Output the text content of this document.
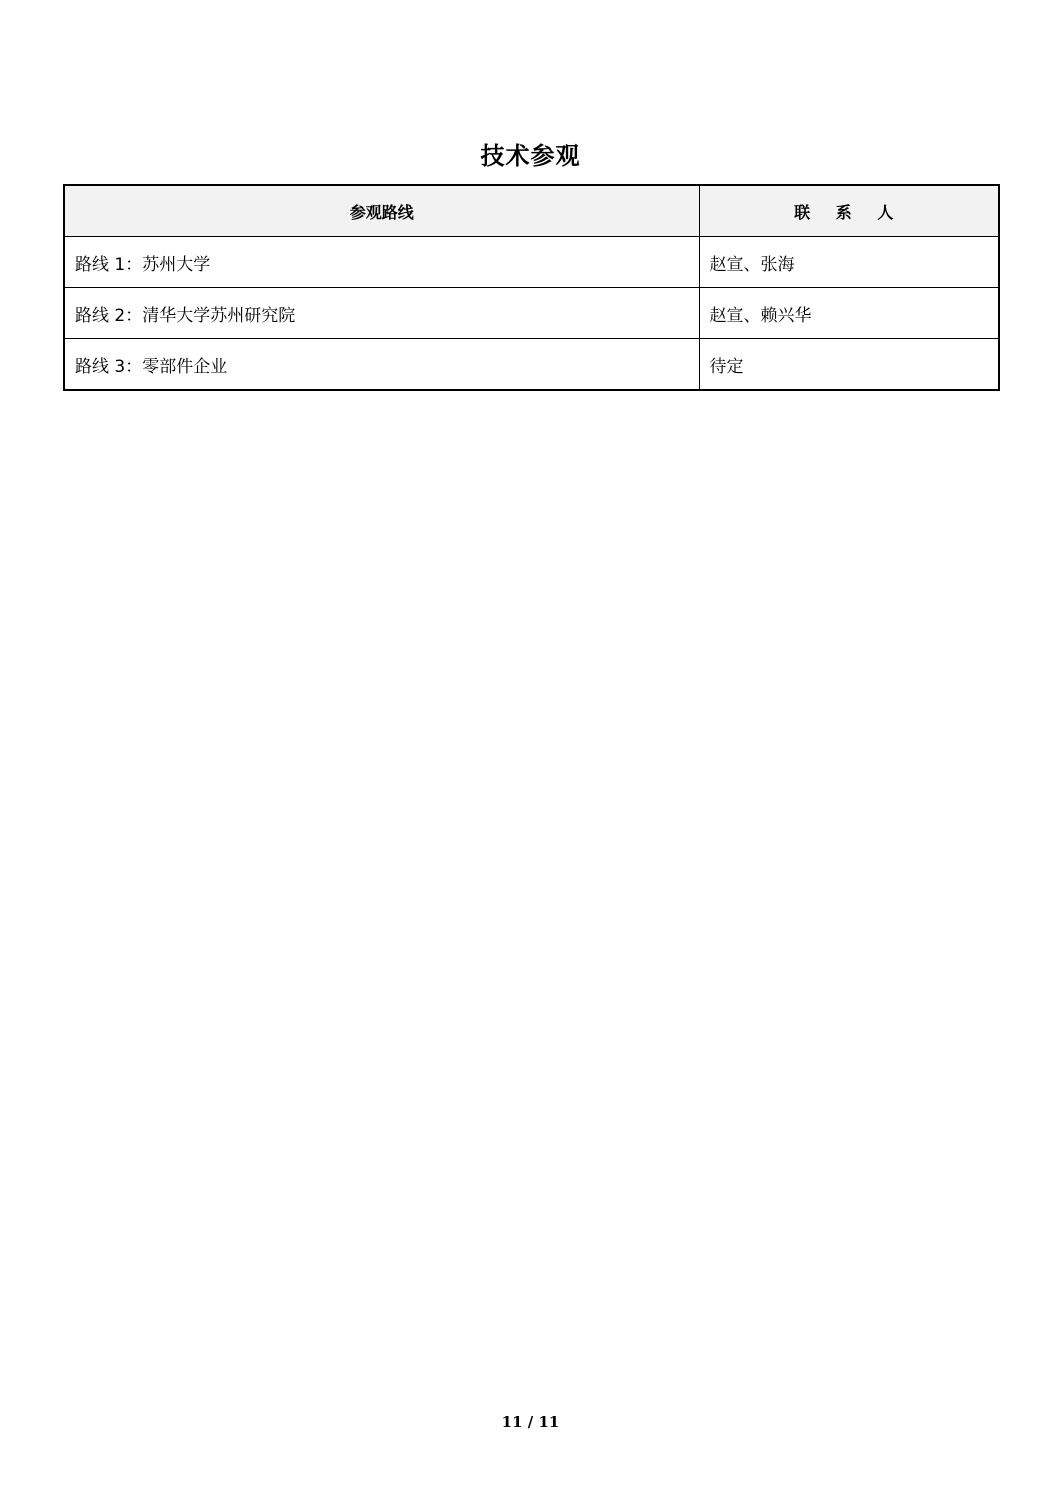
技术参观
参观路线	联 系 人
路线 1：苏州大学	赵宣、张海
路线 2：清华大学苏州研究院	赵宣、赖兴华
路线 3：零部件企业	待定
11 / 11
